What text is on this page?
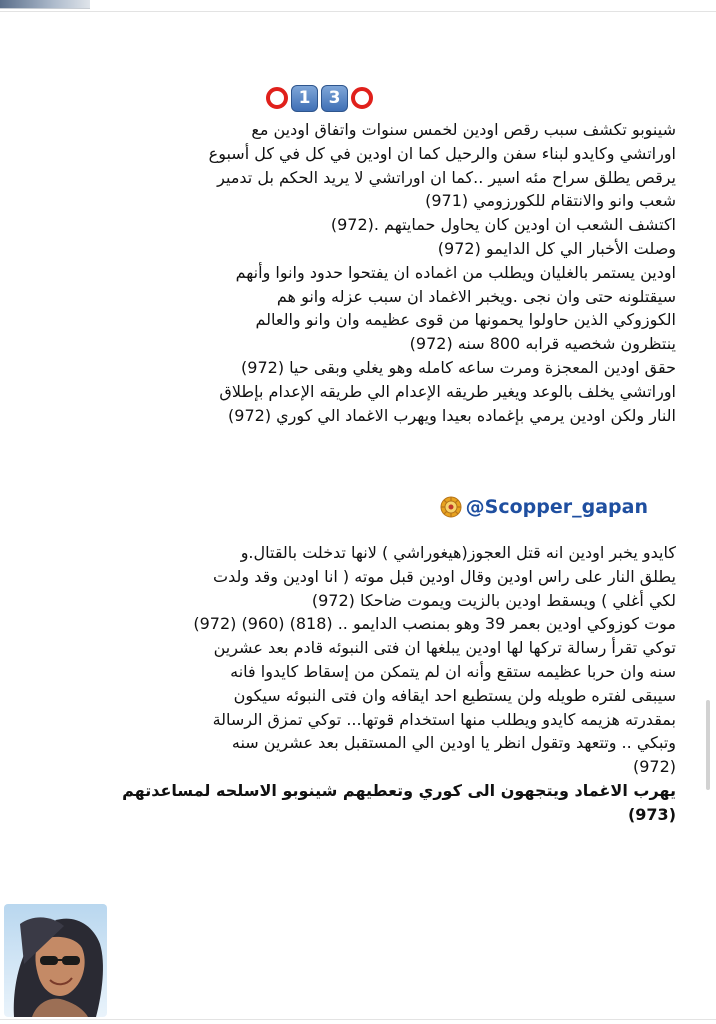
1	3

شينوبو تكشف سبب رقص اودين لخمس سنوات واتفاق اودين مع

اوراتشي وكايدو لبناء سفن والرحيل كما ان اودين في كل في كل أسبوع

يرقص يطلق سراح مئه اسير ..كما ان اوراتشي لا يريد الحكم بل تدمير

شعب وانو والانتقام للكورزومي (971)

اكتشف الشعب ان اودين كان يحاول حمايتهم .(972)

وصلت الأخبار الي كل الدايمو (972)

اودين يستمر بالغليان ويطلب من اغماده ان يفتحوا حدود وانوا وأنهم

سيقتلونه حتى وان نجى .ويخبر الاغماد ان سبب عزله وانو هم

الكوزوكي الذين حاولوا يحمونها من قوى عظيمه وان وانو والعالم

ينتظرون شخصيه قرابه 800 سنه (972)

حقق اودين المعجزة ومرت ساعه كامله وهو يغلي وبقى حيا (972)

اوراتشي يخلف بالوعد ويغير طريقه الإعدام الي طريقه الإعدام بإطلاق

النار ولكن اودين يرمي بإغماده بعيدا ويهرب الاغماد الي كوري (972)

@Scopper_gapan

كايدو يخبر اودين انه قتل العجوز(هيغوراشي ) لانها تدخلت بالقتال.و

يطلق النار على راس اودين وقال اودين قبل موته ( انا اودين وقد ولدت

لكي أغلي ) ويسقط اودين بالزيت ويموت ضاحكا (972)

موت كوزوكي اودين بعمر 39 وهو بمنصب الدايمو .. (818) (960) (972)

توكي تقرأ رسالة تركها لها اودين يبلغها ان فتى النبوئه قادم بعد عشرين

سنه وان حربا عظيمه ستقع وأنه ان لم يتمكن من إسقاط كايدوا فانه

سيبقى لفتره طويله ولن يستطيع احد ايقافه وان فتى النبوئه سيكون

بمقدرته هزيمه كايدو ويطلب منها استخدام قوتها... توكي تمزق الرسالة

وتبكي .. وتتعهد وتقول انظر يا اودين الي المستقبل بعد عشرين سنه

(972)

يهرب الاغماد ويتجهون الى كوري وتعطيهم شينوبو الاسلحه لمساعدتهم

(973)
